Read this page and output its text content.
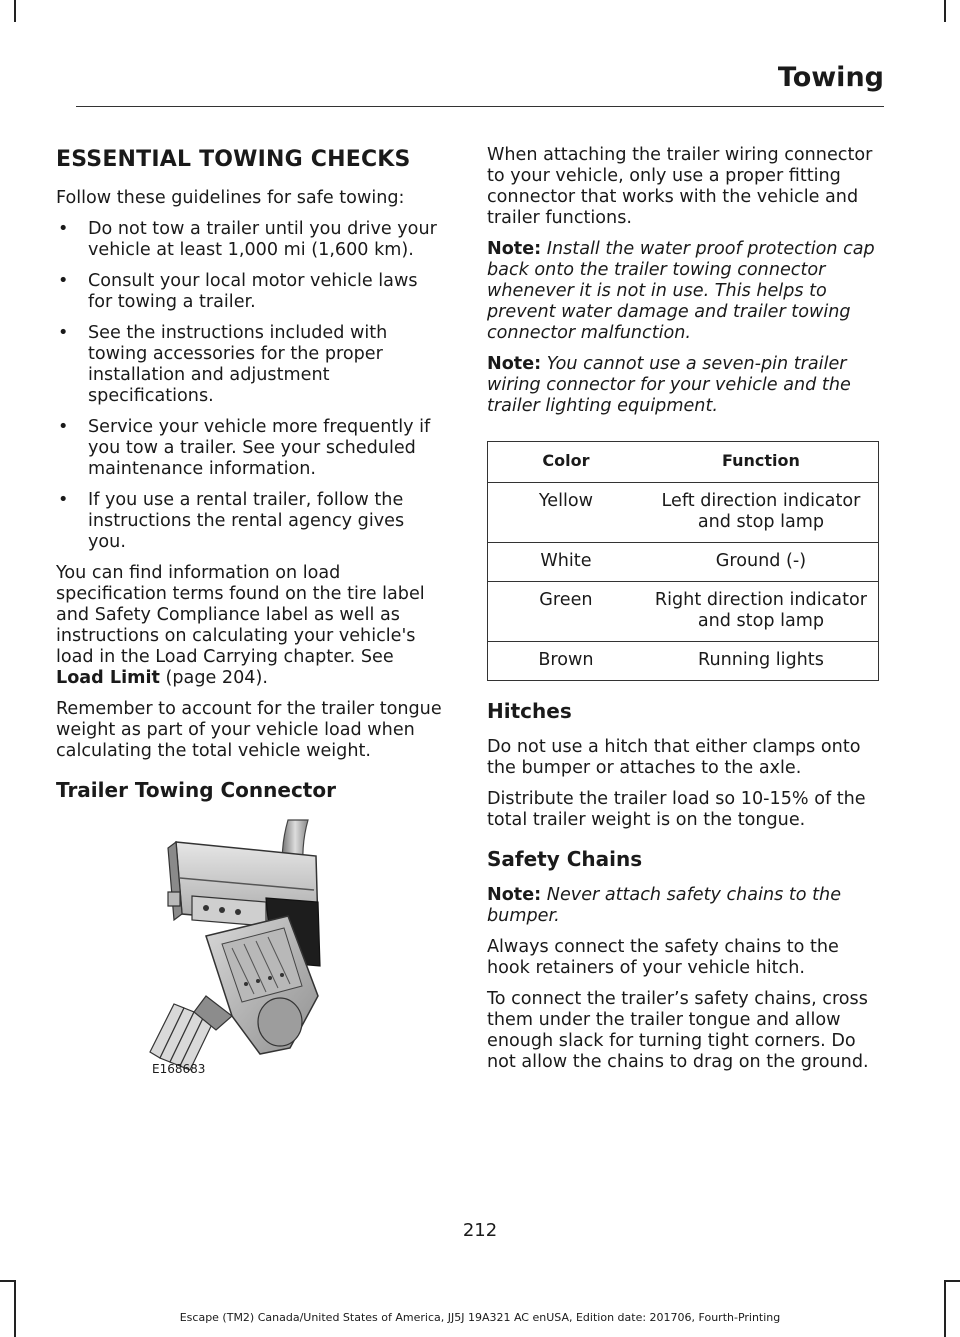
Towing
ESSENTIAL TOWING CHECKS

Follow these guidelines for safe towing:

• Do not tow a trailer until you drive your vehicle at least 1,000 mi (1,600 km).
• Consult your local motor vehicle laws for towing a trailer.
• See the instructions included with towing accessories for the proper installation and adjustment specifications.
• Service your vehicle more frequently if you tow a trailer. See your scheduled maintenance information.
• If you use a rental trailer, follow the instructions the rental agency gives you.

You can find information on load specification terms found on the tire label and Safety Compliance label as well as instructions on calculating your vehicle's load in the Load Carrying chapter. See Load Limit (page 204).

Remember to account for the trailer tongue weight as part of your vehicle load when calculating the total vehicle weight.

Trailer Towing Connector
E168683

When attaching the trailer wiring connector to your vehicle, only use a proper fitting connector that works with the vehicle and trailer functions.

Note: Install the water proof protection cap back onto the trailer towing connector whenever it is not in use. This helps to prevent water damage and trailer towing connector malfunction.

Note: You cannot use a seven-pin trailer wiring connector for your vehicle and the trailer lighting equipment.

Color	Function
Yellow	Left direction indicator and stop lamp
White	Ground (-)
Green	Right direction indicator and stop lamp
Brown	Running lights
Hitches

Do not use a hitch that either clamps onto the bumper or attaches to the axle.

Distribute the trailer load so 10-15% of the total trailer weight is on the tongue.

Safety Chains

Note: Never attach safety chains to the bumper.

Always connect the safety chains to the hook retainers of your vehicle hitch.

To connect the trailer’s safety chains, cross them under the trailer tongue and allow enough slack for turning tight corners. Do not allow the chains to drag on the ground.

212
Escape (TM2) Canada/United States of America, JJ5J 19A321 AC enUSA, Edition date: 201706, Fourth-Printing
